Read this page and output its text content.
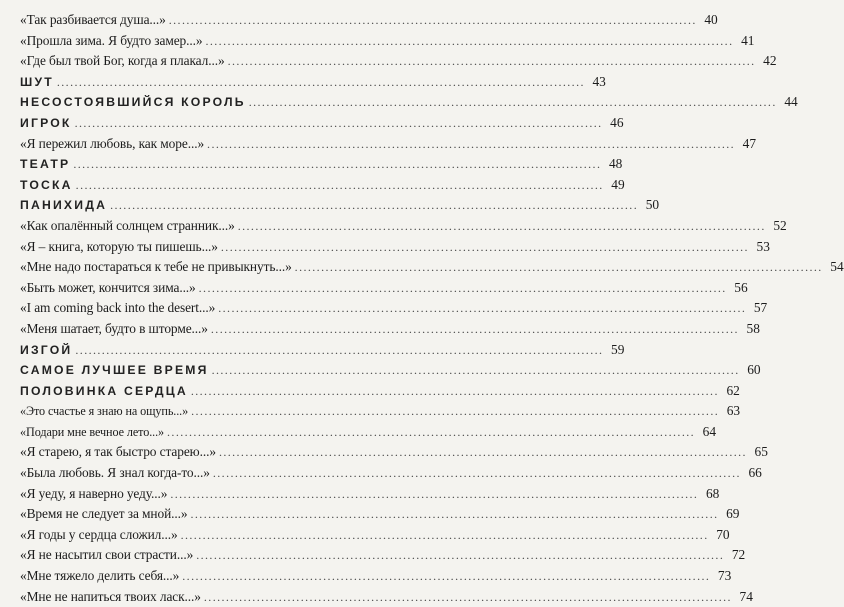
«Так разбивается душа...» ........................................................................................................................ 40
«Прошла зима. Я будто замер...» ........................................................................................................................ 41
«Где был твой Бог, когда я плакал...» ........................................................................................................................ 42
ШУТ ........................................................................................................................ 43
НЕСОСТОЯВШИЙСЯ КОРОЛЬ ........................................................................................................................ 44
ИГРОК ........................................................................................................................ 46
«Я пережил любовь, как море...» ........................................................................................................................ 47
ТЕАТР ........................................................................................................................ 48
ТОСКА ........................................................................................................................ 49
ПАНИХИДА ........................................................................................................................ 50
«Как опалённый солнцем странник...» ........................................................................................................................ 52
«Я – книга, которую ты пишешь...» ........................................................................................................................ 53
«Мне надо постараться к тебе не привыкнуть...» ........................................................................................................................ 54
«Быть может, кончится зима...» ........................................................................................................................ 56
«I am coming back into the desert...» ........................................................................................................................ 57
«Меня шатает, будто в шторме...» ........................................................................................................................ 58
ИЗГОЙ ........................................................................................................................ 59
САМОЕ ЛУЧШЕЕ ВРЕМЯ ........................................................................................................................ 60
ПОЛОВИНКА СЕРДЦА ........................................................................................................................ 62
«Это счастье я знаю на ощупь...» ........................................................................................................................ 63
«Подари мне вечное лето...» ........................................................................................................................ 64
«Я старею, я так быстро старею...» ........................................................................................................................ 65
«Была любовь. Я знал когда-то...» ........................................................................................................................ 66
«Я уеду, я наверно уеду...» ........................................................................................................................ 68
«Время не следует за мной...» ........................................................................................................................ 69
«Я годы у сердца сложил...» ........................................................................................................................ 70
«Я не насытил свои страсти...» ........................................................................................................................ 72
«Мне тяжело делить себя...» ........................................................................................................................ 73
«Мне не напиться твоих ласк...» ........................................................................................................................ 74
